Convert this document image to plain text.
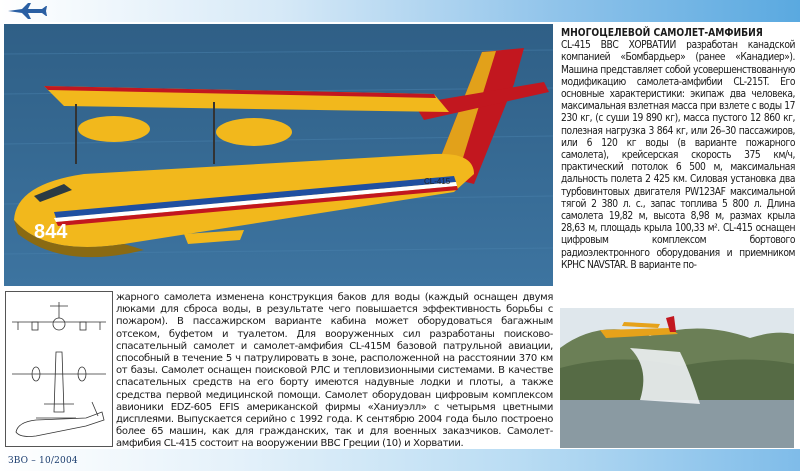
844
CL-415
МНОГОЦЕЛЕВОЙ САМОЛЕТ-АМФИБИЯ
CL-415 ВВС ХОРВАТИИ разработан канадской компанией «Бомбардьер» (ранее «Канадиер»). Машина представляет собой усовершенствованную модификацию самолета-амфибии CL-215T. Его основные характеристики: экипаж два человека, максимальная взлетная масса при взлете с воды 17 230 кг, (с суши 19 890 кг), масса пустого 12 860 кг, полезная нагрузка 3 864 кг, или 26–30 пассажиров, или 6 120 кг воды (в варианте пожарного самолета), крейсерская скорость 375 км/ч, практический потолок 6 500 м, максимальная дальность полета 2 425 км. Силовая установка два турбовинтовых двигателя PW123AF максимальной тягой 2 380 л. с., запас топлива 5 800 л. Длина самолета 19,82 м, высота 8,98 м, размах крыла 28,63 м, площадь крыла 100,33 м². CL-415 оснащен цифровым комплексом бортового радиоэлектронного оборудования и приемником КРНС NAVSTAR. В варианте по-
жарного самолета изменена конструкция баков для воды (каждый оснащен двумя люками для сброса воды, в результате чего повышается эффективность борьбы с пожаром). В пассажирском варианте кабина может оборудоваться багажным отсеком, буфетом и туалетом. Для вооруженных сил разработаны поисково-спасательный самолет и самолет-амфибия CL-415M базовой патрульной авиации, способный в течение 5 ч патрулировать в зоне, расположенной на расстоянии 370 км от базы. Самолет оснащен поисковой РЛС и тепловизионными системами. В качестве спасательных средств на его борту имеются надувные лодки и плоты, а также средства первой медицинской помощи. Самолет оборудован цифровым комплексом авионики EDZ-605 EFIS американской фирмы «Ханиуэлл» с четырьмя цветными дисплеями. Выпускается серийно с 1992 года. К сентябрю 2004 года было построено более 65 машин, как для гражданских, так и для военных заказчиков. Самолет-амфибия CL-415 состоит на вооружении ВВС Греции (10) и Хорватии.
ЗВО – 10/2004
